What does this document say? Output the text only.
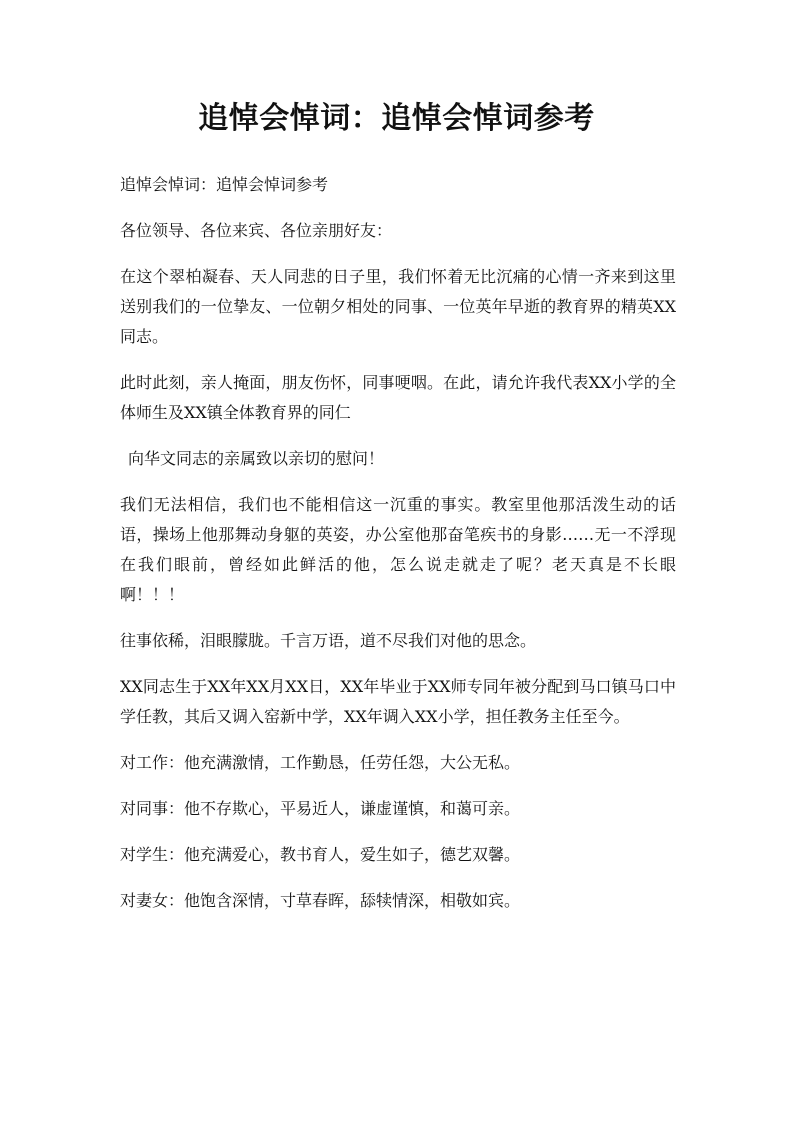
追悼会悼词：追悼会悼词参考

追悼会悼词：追悼会悼词参考

各位领导、各位来宾、各位亲朋好友：

在这个翠柏凝春、天人同悲的日子里，我们怀着无比沉痛的心情一齐来到这里送别我们的一位挚友、一位朝夕相处的同事、一位英年早逝的教育界的精英XX同志。

此时此刻，亲人掩面，朋友伤怀，同事哽咽。在此，请允许我代表XX小学的全体师生及XX镇全体教育界的同仁

向华文同志的亲属致以亲切的慰问！

我们无法相信，我们也不能相信这一沉重的事实。教室里他那活泼生动的话语，操场上他那舞动身躯的英姿，办公室他那奋笔疾书的身影……无一不浮现在我们眼前，曾经如此鲜活的他，怎么说走就走了呢？老天真是不长眼啊！！！

往事依稀，泪眼朦胧。千言万语，道不尽我们对他的思念。

XX同志生于XX年XX月XX日，XX年毕业于XX师专同年被分配到马口镇马口中学任教，其后又调入窑新中学，XX年调入XX小学，担任教务主任至今。

对工作：他充满激情，工作勤恳，任劳任怨，大公无私。

对同事：他不存欺心，平易近人，谦虚谨慎，和蔼可亲。

对学生：他充满爱心，教书育人，爱生如子，德艺双馨。

对妻女：他饱含深情，寸草春晖，舔犊情深，相敬如宾。
